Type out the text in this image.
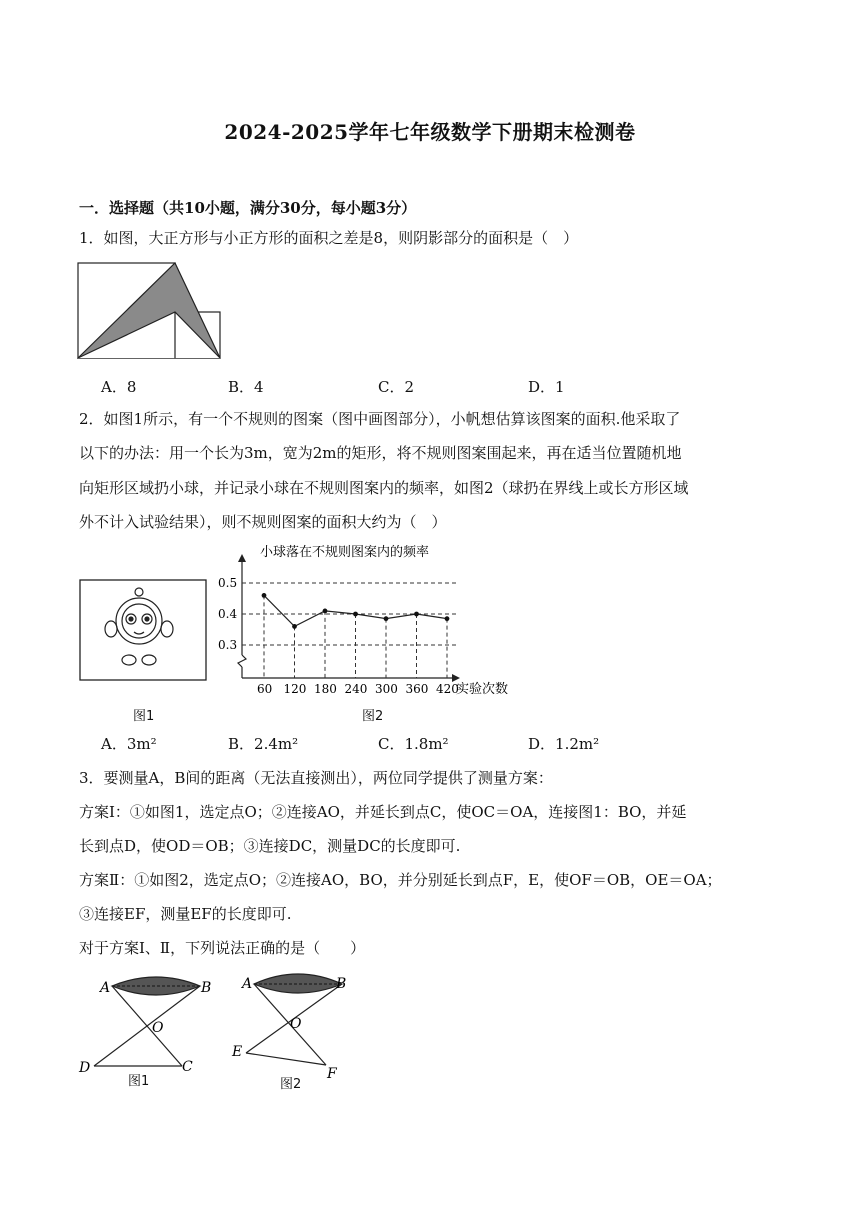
2024-2025学年七年级数学下册期末检测卷
一．选择题（共10小题，满分30分，每小题3分）
1．如图，大正方形与小正方形的面积之差是8，则阴影部分的面积是（　）
A．8	B．4	C．2	D．1
2．如图1所示，有一个不规则的图案（图中画图部分），小帆想估算该图案的面积.他采取了
以下的办法：用一个长为3m，宽为2m的矩形，将不规则图案围起来，再在适当位置随机地
向矩形区域扔小球，并记录小球在不规则图案内的频率，如图2（球扔在界线上或长方形区域
外不计入试验结果），则不规则图案的面积大约为（　）
图1
小球落在不规则图案内的频率
实验次数
0.3
0.4
0.5
60 120 180 240 300 360 420
图2
A．3m²	B．2.4m²	C．1.8m²	D．1.2m²
3．要测量A，B间的距离（无法直接测出），两位同学提供了测量方案：
方案Ⅰ：①如图1，选定点O；②连接AO，并延长到点C，使OC＝OA，连接图1：BO，并延
长到点D，使OD＝OB；③连接DC，测量DC的长度即可.
方案Ⅱ：①如图2，选定点O；②连接AO，BO，并分别延长到点F，E，使OF＝OB，OE＝OA；
③连接EF，测量EF的长度即可.
对于方案Ⅰ、Ⅱ，下列说法正确的是（　　）
A	B
O
D	C
图1
A	B
O
E
F
图2
